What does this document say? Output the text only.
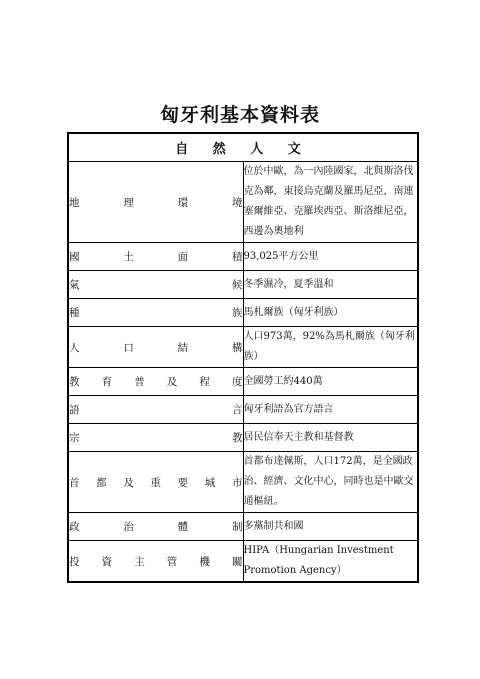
匈牙利基本資料表
自 然 人 文	
地理環境	位於中歐，為一內陸國家，北與斯洛伐克為鄰，東接烏克蘭及羅馬尼亞，南連塞爾維亞、克羅埃西亞、斯洛維尼亞，西邊為奧地利
國土面積	93,025平方公里
氣候	冬季濕冷，夏季溫和
種族	馬札爾族（匈牙利族）
人口結構	人口973萬，92%為馬札爾族（匈牙利族）
教育普及程度	全國勞工約440萬
語言	匈牙利語為官方語言
宗教	居民信奉天主教和基督教
首都及重要城市	首都布達佩斯，人口172萬，是全國政治、經濟、文化中心，同時也是中歐交通樞紐。
政治體制	多黨制共和國
投資主管機關	HIPA（Hungarian Investment Promotion Agency）
